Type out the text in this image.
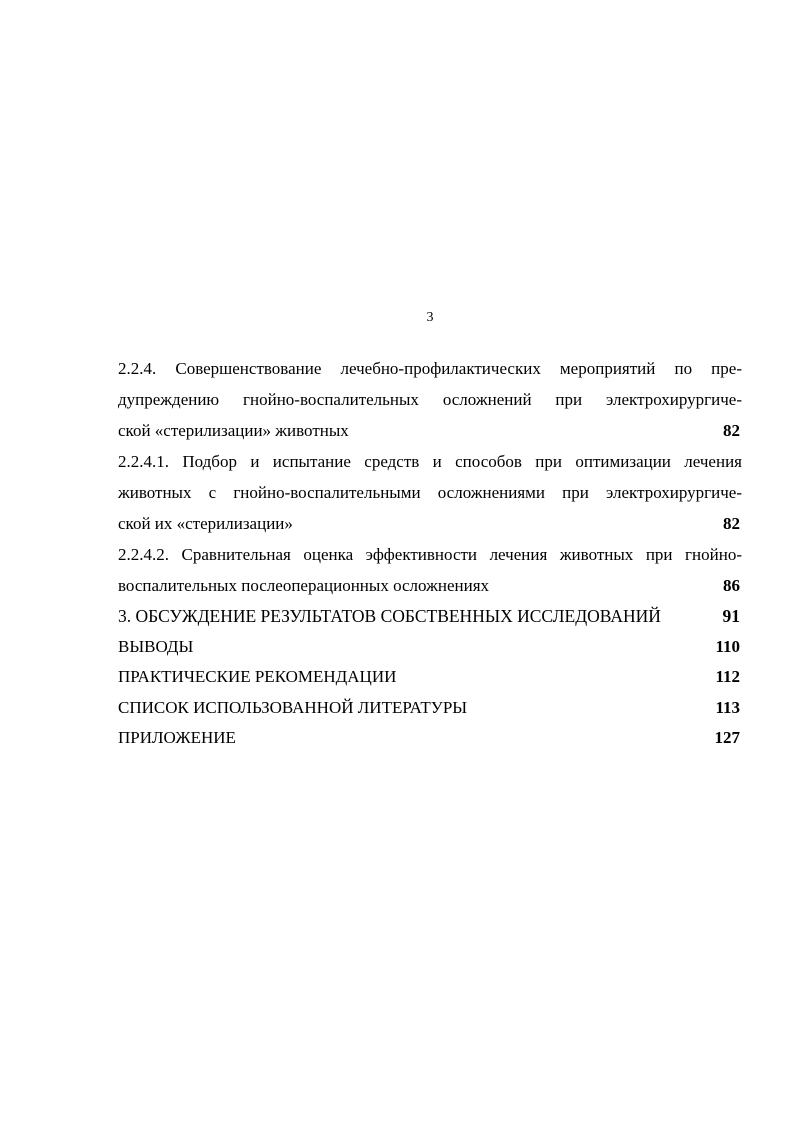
3
2.2.4. Совершенствование лечебно-профилактических мероприятий по пре-
дупреждению гнойно-воспалительных осложнений при электрохирургиче-
ской «стерилизации» животных	82
2.2.4.1. Подбор и испытание средств и способов при оптимизации лечения
животных с гнойно-воспалительными осложнениями при электрохирургиче-
ской их «стерилизации»	82
2.2.4.2. Сравнительная оценка эффективности лечения животных при гнойно-
воспалительных послеоперационных осложнениях	86
3. ОБСУЖДЕНИЕ РЕЗУЛЬТАТОВ СОБСТВЕННЫХ ИССЛЕДОВАНИЙ	91
ВЫВОДЫ	110
ПРАКТИЧЕСКИЕ РЕКОМЕНДАЦИИ	112
СПИСОК ИСПОЛЬЗОВАННОЙ ЛИТЕРАТУРЫ	113
ПРИЛОЖЕНИЕ	127
